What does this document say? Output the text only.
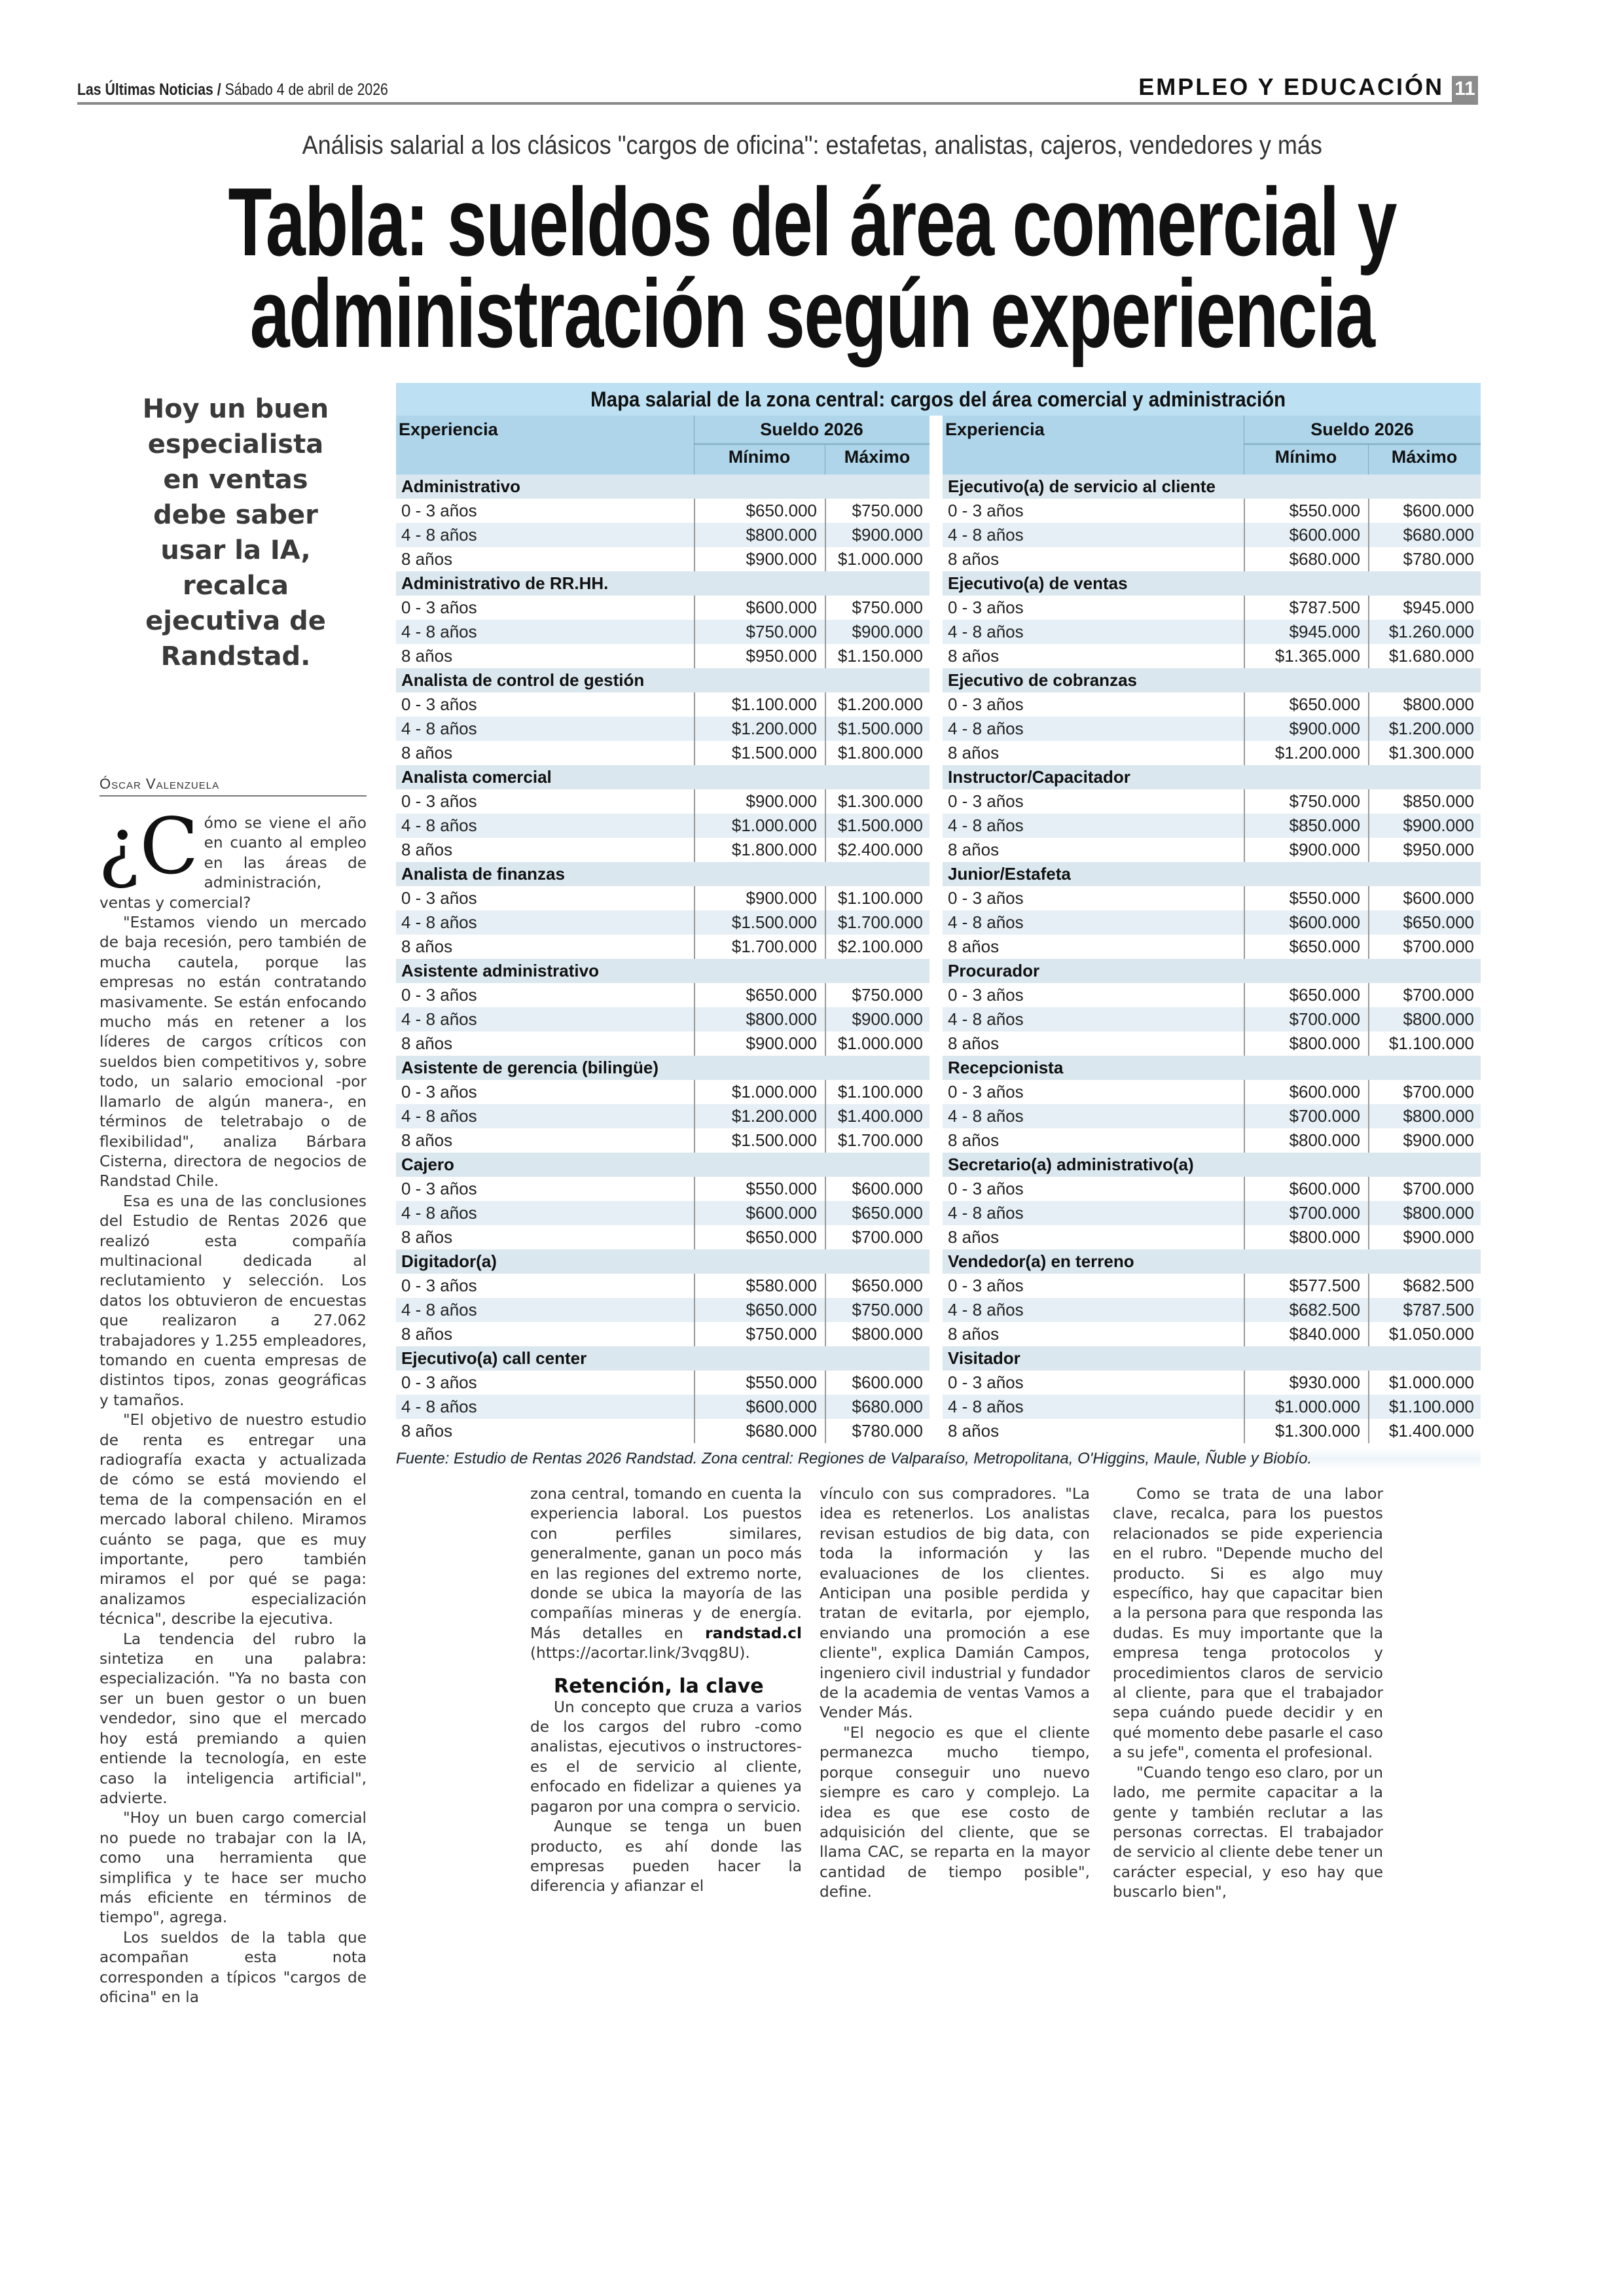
Las Últimas Noticias / Sábado 4 de abril de 2026	EMPLEO Y EDUCACIÓN 11
Análisis salarial a los clásicos "cargos de oficina": estafetas, analistas, cajeros, vendedores y más
Tabla: sueldos del área comercial y
administración según experiencia
Hoy un buen especialista en ventas debe saber usar la IA, recalca ejecutiva de Randstad.
Óscar Valenzuela

¿C ómo se viene el año en cuanto al empleo en las áreas de administración, ventas y comercial?

"Estamos viendo un mercado de baja recesión, pero también de mucha cautela, porque las empresas no están contratando masivamente. Se están enfocando mucho más en retener a los líderes de cargos críticos con sueldos bien competitivos y, sobre todo, un salario emocional -por llamarlo de algún manera-, en términos de teletrabajo o de flexibilidad", analiza Bárbara Cisterna, directora de negocios de Randstad Chile.

Esa es una de las conclusiones del Estudio de Rentas 2026 que realizó esta compañía multinacional dedicada al reclutamiento y selección. Los datos los obtuvieron de encuestas que realizaron a 27.062 trabajadores y 1.255 empleadores, tomando en cuenta empresas de distintos tipos, zonas geográficas y tamaños.

"El objetivo de nuestro estudio de renta es entregar una radiografía exacta y actualizada de cómo se está moviendo el tema de la compensación en el mercado laboral chileno. Miramos cuánto se paga, que es muy importante, pero también miramos el por qué se paga: analizamos especialización técnica", describe la ejecutiva.

La tendencia del rubro la sintetiza en una palabra: especialización. "Ya no basta con ser un buen gestor o un buen vendedor, sino que el mercado hoy está premiando a quien entiende la tecnología, en este caso la inteligencia artificial", advierte.

"Hoy un buen cargo comercial no puede no trabajar con la IA, como una herramienta que simplifica y te hace ser mucho más eficiente en términos de tiempo", agrega.

Los sueldos de la tabla que acompañan esta nota corresponden a típicos "cargos de oficina" en la

zona central, tomando en cuenta la experiencia laboral. Los puestos con perfiles similares, generalmente, ganan un poco más en las regiones del extremo norte, donde se ubica la mayoría de las compañías mineras y de energía. Más detalles en randstad.cl (https://acortar.link/3vqg8U).

Retención, la clave

Un concepto que cruza a varios de los cargos del rubro -como analistas, ejecutivos o instructores- es el de servicio al cliente, enfocado en fidelizar a quienes ya pagaron por una compra o servicio.

Aunque se tenga un buen producto, es ahí donde las empresas pueden hacer la diferencia y afianzar el

vínculo con sus compradores. "La idea es retenerlos. Los analistas revisan estudios de big data, con toda la información y las evaluaciones de los clientes. Anticipan una posible perdida y tratan de evitarla, por ejemplo, enviando una promoción a ese cliente", explica Damián Campos, ingeniero civil industrial y fundador de la academia de ventas Vamos a Vender Más.

"El negocio es que el cliente permanezca mucho tiempo, porque conseguir uno nuevo siempre es caro y complejo. La idea es que ese costo de adquisición del cliente, que se llama CAC, se reparta en la mayor cantidad de tiempo posible", define.

Como se trata de una labor clave, recalca, para los puestos relacionados se pide experiencia en el rubro. "Depende mucho del producto. Si es algo muy específico, hay que capacitar bien a la persona para que responda las dudas. Es muy importante que la empresa tenga protocolos y procedimientos claros de servicio al cliente, para que el trabajador sepa cuándo puede decidir y en qué momento debe pasarle el caso a su jefe", comenta el profesional.

"Cuando tengo eso claro, por un lado, me permite capacitar a la gente y también reclutar a las personas correctas. El trabajador de servicio al cliente debe tener un carácter especial, y eso hay que buscarlo bien",

Mapa salarial de la zona central: cargos del área comercial y administración
Experiencia	Sueldo 2026
Mínimo	Máximo
Administrativo
0 - 3 años	$650.000 $750.000
4 - 8 años	$800.000 $900.000
8 años	$900.000 $1.000.000
Administrativo de RR.HH.
0 - 3 años	$600.000 $750.000
4 - 8 años	$750.000 $900.000
8 años	$950.000 $1.150.000
Analista de control de gestión
0 - 3 años	$1.100.000 $1.200.000
4 - 8 años	$1.200.000 $1.500.000
8 años	$1.500.000 $1.800.000
Analista comercial
0 - 3 años	$900.000 $1.300.000
4 - 8 años	$1.000.000 $1.500.000
8 años	$1.800.000 $2.400.000
Analista de finanzas
0 - 3 años	$900.000 $1.100.000
4 - 8 años	$1.500.000 $1.700.000
8 años	$1.700.000 $2.100.000
Asistente administrativo
0 - 3 años	$650.000 $750.000
4 - 8 años	$800.000 $900.000
8 años	$900.000 $1.000.000
Asistente de gerencia (bilingüe)
0 - 3 años	$1.000.000 $1.100.000
4 - 8 años	$1.200.000 $1.400.000
8 años	$1.500.000 $1.700.000
Cajero
0 - 3 años	$550.000 $600.000
4 - 8 años	$600.000 $650.000
8 años	$650.000 $700.000
Digitador(a)
0 - 3 años	$580.000 $650.000
4 - 8 años	$650.000 $750.000
8 años	$750.000 $800.000
Ejecutivo(a) call center
0 - 3 años	$550.000 $600.000
4 - 8 años	$600.000 $680.000
8 años	$680.000 $780.000
Experiencia	Sueldo 2026
Mínimo	Máximo
Ejecutivo(a) de servicio al cliente
0 - 3 años	$550.000	$600.000
4 - 8 años	$600.000	$680.000
8 años	$680.000	$780.000
Ejecutivo(a) de ventas
0 - 3 años	$787.500	$945.000
4 - 8 años	$945.000 $1.260.000
8 años	$1.365.000 $1.680.000
Ejecutivo de cobranzas
0 - 3 años	$650.000	$800.000
4 - 8 años	$900.000 $1.200.000
8 años	$1.200.000 $1.300.000
Instructor/Capacitador
0 - 3 años	$750.000	$850.000
4 - 8 años	$850.000	$900.000
8 años	$900.000	$950.000
Junior/Estafeta
0 - 3 años	$550.000	$600.000
4 - 8 años	$600.000	$650.000
8 años	$650.000	$700.000
Procurador
0 - 3 años	$650.000	$700.000
4 - 8 años	$700.000	$800.000
8 años	$800.000 $1.100.000
Recepcionista
0 - 3 años	$600.000	$700.000
4 - 8 años	$700.000	$800.000
8 años	$800.000	$900.000
Secretario(a) administrativo(a)
0 - 3 años	$600.000	$700.000
4 - 8 años	$700.000	$800.000
8 años	$800.000	$900.000
Vendedor(a) en terreno
0 - 3 años	$577.500	$682.500
4 - 8 años	$682.500	$787.500
8 años	$840.000 $1.050.000
Visitador
0 - 3 años	$930.000 $1.000.000
4 - 8 años	$1.000.000 $1.100.000
8 años	$1.300.000 $1.400.000
Fuente: Estudio de Rentas 2026 Randstad. Zona central: Regiones de Valparaíso, Metropolitana, O'Higgins, Maule, Ñuble y Biobío.
